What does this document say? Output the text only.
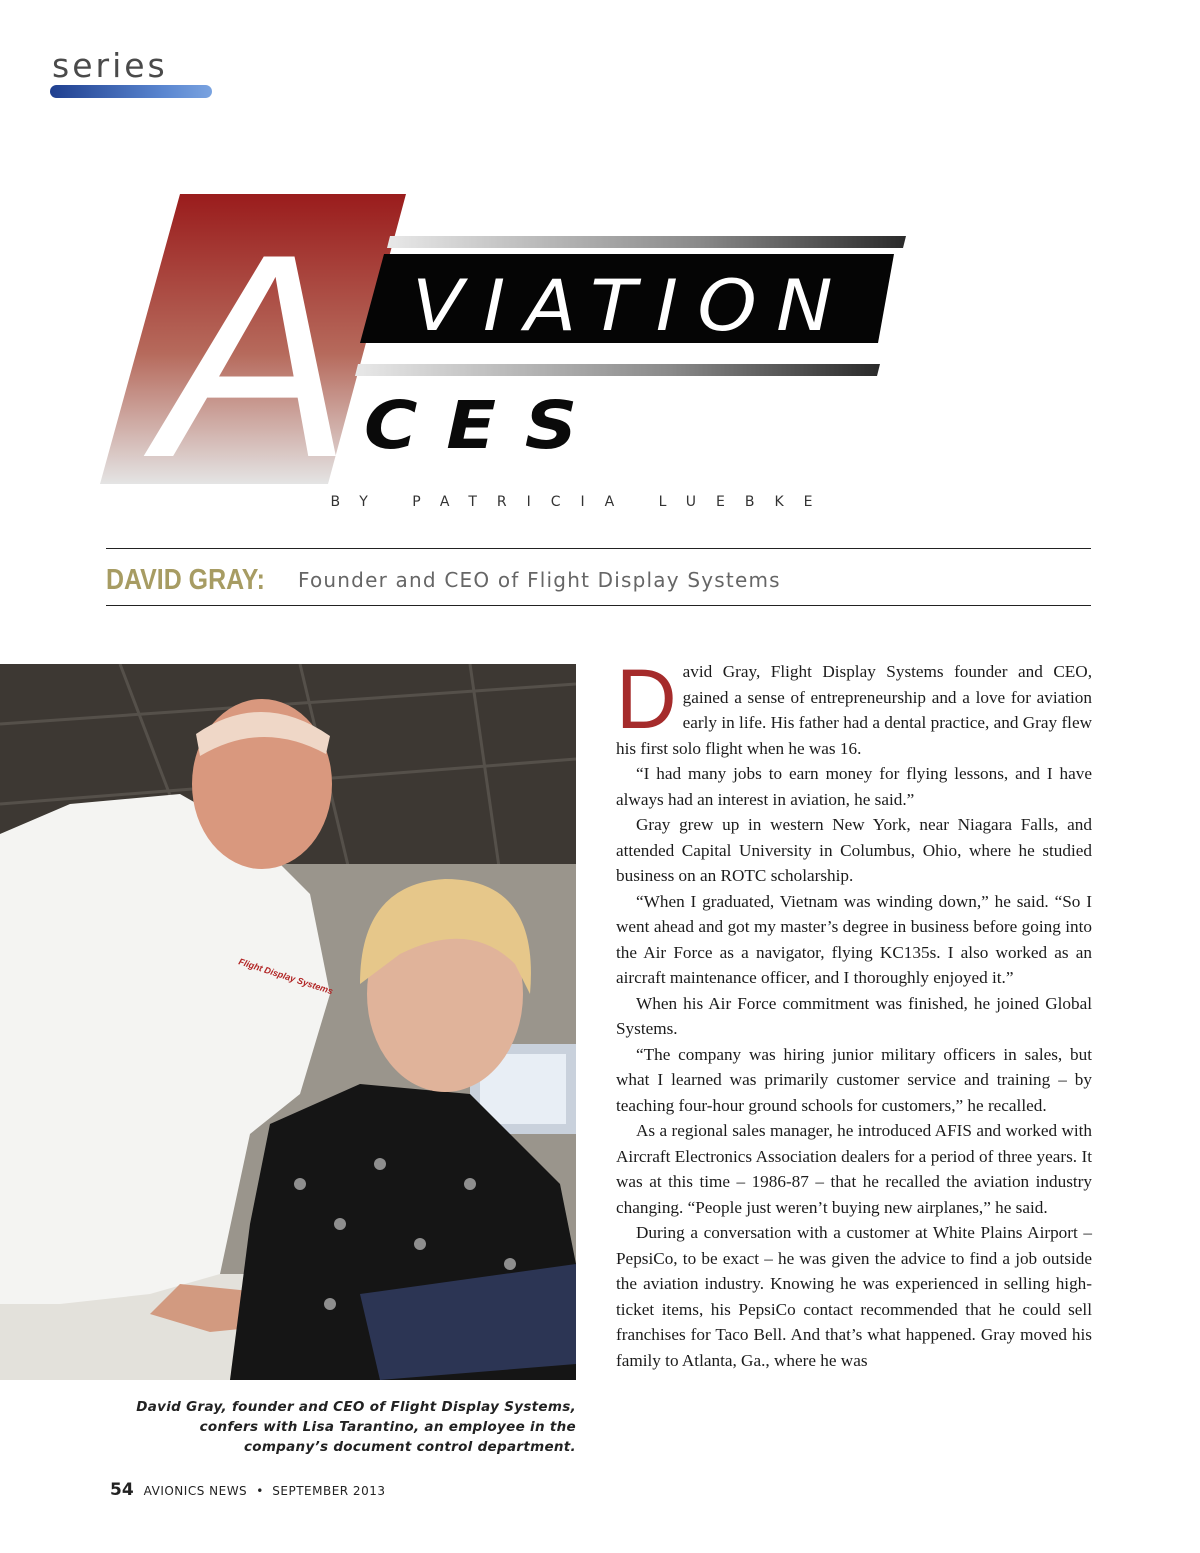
series
A VIATION
CES
BY PATRICIA LUEBKE
DAVID GRAY: Founder and CEO of Flight Display Systems
Flight Display Systems
David Gray, founder and CEO of Flight Display Systems, confers with Lisa Tarantino, an employee in the company’s document control department.

David Gray, Flight Display Systems founder and CEO, gained a sense of entrepreneurship and a love for aviation early in life. His father had a dental practice, and Gray flew his first solo flight when he was 16.

“I had many jobs to earn money for flying lessons, and I have always had an interest in aviation, he said.”

Gray grew up in western New York, near Niagara Falls, and attended Capital University in Columbus, Ohio, where he studied business on an ROTC scholarship.

“When I graduated, Vietnam was winding down,” he said. “So I went ahead and got my master’s degree in business before going into the Air Force as a navigator, flying KC135s. I also worked as an aircraft maintenance officer, and I thoroughly enjoyed it.”

When his Air Force commitment was finished, he joined Global Systems.

“The company was hiring junior military officers in sales, but what I learned was primarily customer service and training – by teaching four-hour ground schools for customers,” he recalled.

As a regional sales manager, he introduced AFIS and worked with Aircraft Electronics Association dealers for a period of three years. It was at this time – 1986-87 – that he recalled the aviation industry changing. “People just weren’t buying new airplanes,” he said.

During a conversation with a customer at White Plains Airport – PepsiCo, to be exact – he was given the advice to find a job outside the aviation industry. Knowing he was experienced in selling high-ticket items, his PepsiCo contact recommended that he could sell franchises for Taco Bell. And that’s what happened. Gray moved his family to Atlanta, Ga., where he was

54 AVIONICS NEWS • SEPTEMBER 2013
